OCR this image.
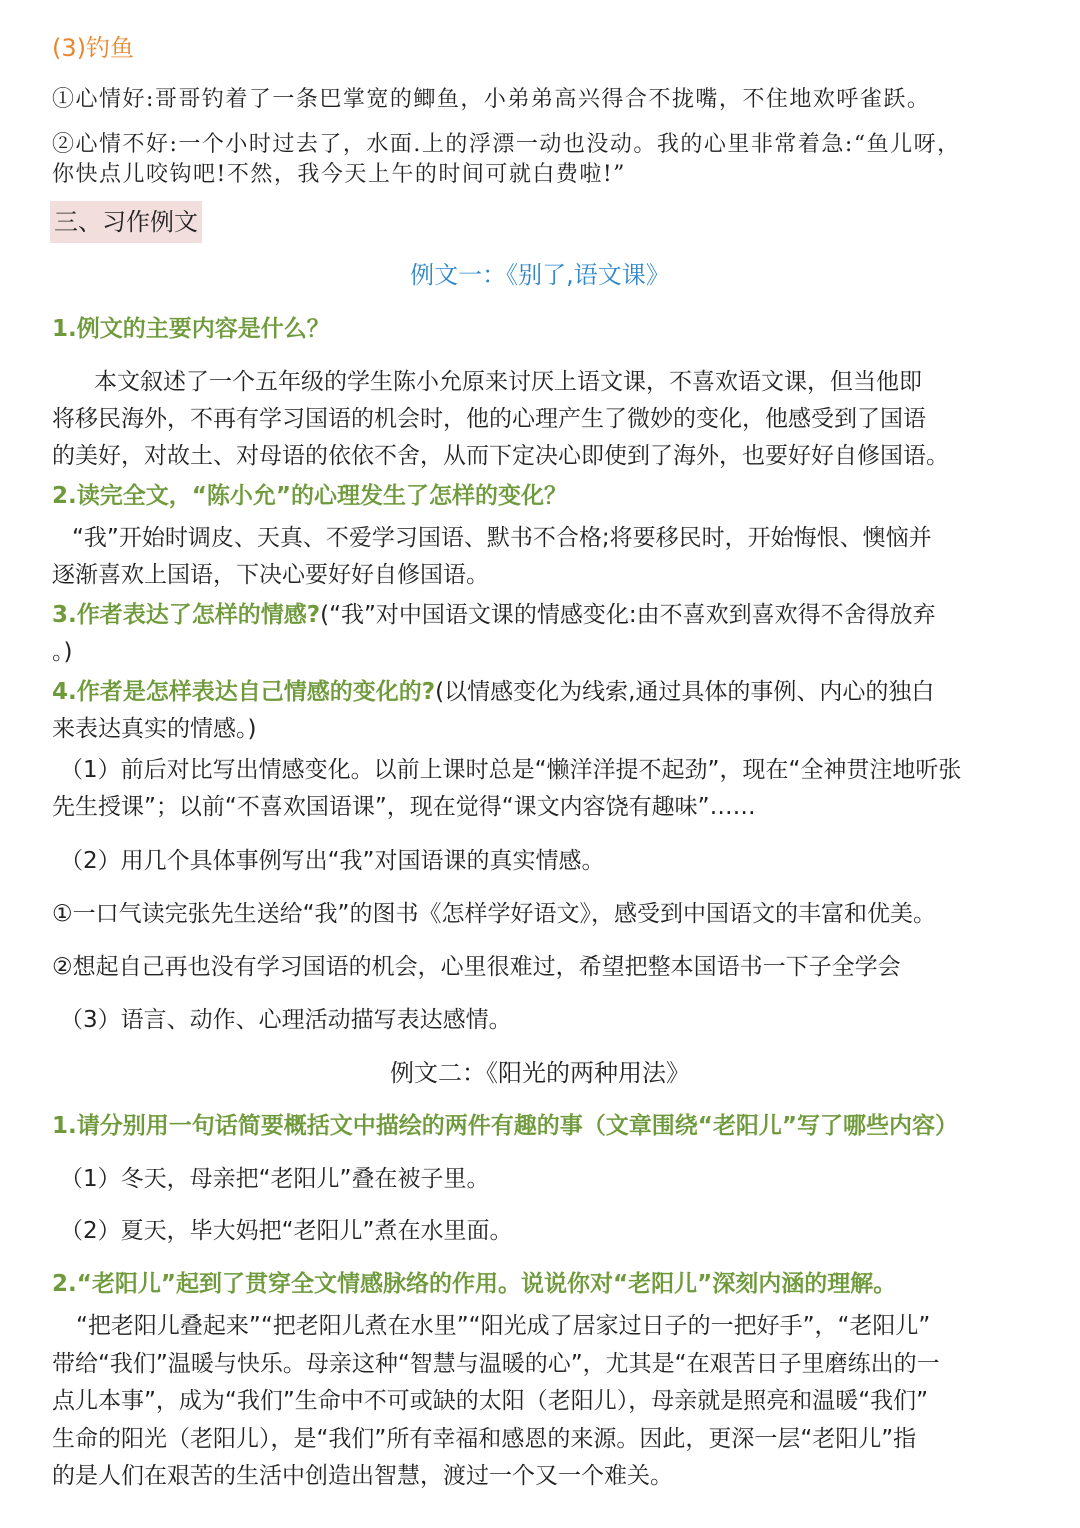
(3)钓鱼
①心情好:哥哥钓着了一条巴掌宽的鲫鱼，小弟弟高兴得合不拢嘴，不住地欢呼雀跃。
②心情不好:一个小时过去了，水面.上的浮漂一动也没动。我的心里非常着急:“鱼儿呀，
你快点儿咬钩吧!不然，我今天上午的时间可就白费啦!”
三、习作例文
例文一：《别了,语文课》
1.例文的主要内容是什么？
本文叙述了一个五年级的学生陈小允原来讨厌上语文课，不喜欢语文课，但当他即
将移民海外，不再有学习国语的机会时，他的心理产生了微妙的变化，他感受到了国语
的美好，对故土、对母语的依依不舍，从而下定决心即使到了海外，也要好好自修国语。
2.读完全文，“陈小允”的心理发生了怎样的变化？
“我”开始时调皮、天真、不爱学习国语、默书不合格;将要移民时，开始悔恨、懊恼并
逐渐喜欢上国语，下决心要好好自修国语。
3.作者表达了怎样的情感?(“我”对中国语文课的情感变化:由不喜欢到喜欢得不舍得放弃
。)
4.作者是怎样表达自己情感的变化的?(以情感变化为线索,通过具体的事例、内心的独白
来表达真实的情感。)
（1）前后对比写出情感变化。以前上课时总是“懒洋洋提不起劲”，现在“全神贯注地听张
先生授课”；以前“不喜欢国语课”，现在觉得“课文内容饶有趣味”……
（2）用几个具体事例写出“我”对国语课的真实情感。
①一口气读完张先生送给“我”的图书《怎样学好语文》，感受到中国语文的丰富和优美。
②想起自己再也没有学习国语的机会，心里很难过，希望把整本国语书一下子全学会
（3）语言、动作、心理活动描写表达感情。
例文二：《阳光的两种用法》
1.请分别用一句话简要概括文中描绘的两件有趣的事（文章围绕“老阳儿”写了哪些内容）
（1）冬天，母亲把“老阳儿”叠在被子里。
（2）夏天，毕大妈把“老阳儿”煮在水里面。
2.“老阳儿”起到了贯穿全文情感脉络的作用。说说你对“老阳儿”深刻内涵的理解。
“把老阳儿叠起来”“把老阳儿煮在水里”“阳光成了居家过日子的一把好手”，“老阳儿”
带给“我们”温暖与快乐。母亲这种“智慧与温暖的心”，尤其是“在艰苦日子里磨练出的一
点儿本事”，成为“我们”生命中不可或缺的太阳（老阳儿），母亲就是照亮和温暖“我们”
生命的阳光（老阳儿），是“我们”所有幸福和感恩的来源。因此，更深一层“老阳儿”指
的是人们在艰苦的生活中创造出智慧，渡过一个又一个难关。
